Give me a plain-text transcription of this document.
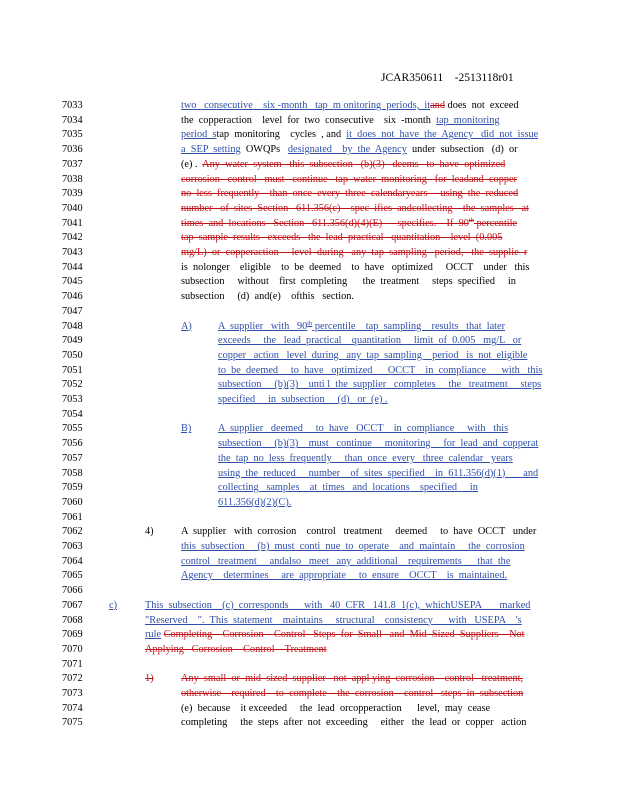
JCAR350611    -2513118r01
7033	two   consecutive    six -month   tap  m onitoring  periods,  itand does  not  exceed
7034	the  copperaction    level  for  two  consecutive    six  -month  tap  monitoring
7035	period  stap  monitoring    cycles  , and  it  does  not  have  the  Agency   did  not  issue
7036	a  SEP  setting  OWQPs   designated    by  the  Agency  under  subsection   (d)  or
7037	(e) .  Any  water  system   this  subsection   (b)(3)   deems   to  have  optimized
7038	corrosion   control   must   continue   tap  water  monitoring   for  leadand  copper
7039	no  less  frequently    than  once  every  three  calendaryears     using  the  reduced
7040	number   of  sites  Section   611.356(c)    spec  ifies  andcollecting    the  samples   at
7041	times  and  locations   Section   611.356(d)(4)(E)      specifies.    If  90th percentile
7042	tap  sample  results   exceeds   the  lead  practical   quantitation    level  (0.005
7043	mg/L)  or  copperaction     level  during   any  tap  sampling   period,   the  supplie  r
7044	is  nolonger    eligible    to  be  deemed    to  have   optimized     OCCT    under   this
7045	subsection     without    first  completing      the  treatment     steps  specified     in
7046	subsection     (d)  and(e)    ofthis   section.
7047
7048	A)	A  supplier   with   90th percentile    tap  sampling    results   that  later
7049	exceeds     the   lead  practical    quantitation     limit  of  0.005   mg/L   or
7050	copper   action   level  during   any  tap  sampling    period   is  not  eligible
7051	to  be  deemed     to  have   optimized      OCCT    in  compliance      with   this
7052	subsection     (b)(3)    unti l  the  supplier   completes     the   treatment     steps
7053	specified     in  subsection     (d)   or  (e) .
7054
7055	B)	A  supplier   deemed     to  have   OCCT    in  compliance     with   this
7056	subsection     (b)(3)    must   continue     monitoring     for  lead  and  copperat
7057	the  tap  no  less  frequently     than  once  every   three  calendar   years
7058	using  the  reduced     number    of  sites  specified    in  611.356(d)(1)       and
7059	collecting   samples    at  times   and  locations    specified     in
7060	611.356(d)(2)(C).
7061
7062	4)	A  supplier   with  corrosion    control   treatment     deemed     to  have  OCCT   under
7063	this  subsection     (b)  must  conti  nue  to  operate    and  maintain     the  corrosion
7064	control   treatment     andalso   meet   any  additional    requirements      that  the
7065	Agency    determines     are  appropriate     to  ensure    OCCT    is  maintained.
7066
7067	c)	This  subsection    (c)  corresponds      with   40  CFR   141.8  1(c),  whichUSEPA       marked
7068	"Reserved    ".  This  statement    maintains     structural    consistency      with   USEPA    's
7069	rule Completing    Corrosion    Control   Steps  for  Small   and  Mid  Sized  Suppliers    Not
7070	Applying   Corrosion    Control    Treatment
7071
7072	1)	Any  small  or  mid  sized  supplier   not  appl ying  corrosion    control   treatment,
7073	otherwise    required    to  complete    the  corrosion    control   steps  in  subsection
7074	(e)  because    it exceeded     the  lead  orcopperaction      level,  may  cease
7075	completing     the  steps  after  not  exceeding     either   the  lead  or  copper   action
